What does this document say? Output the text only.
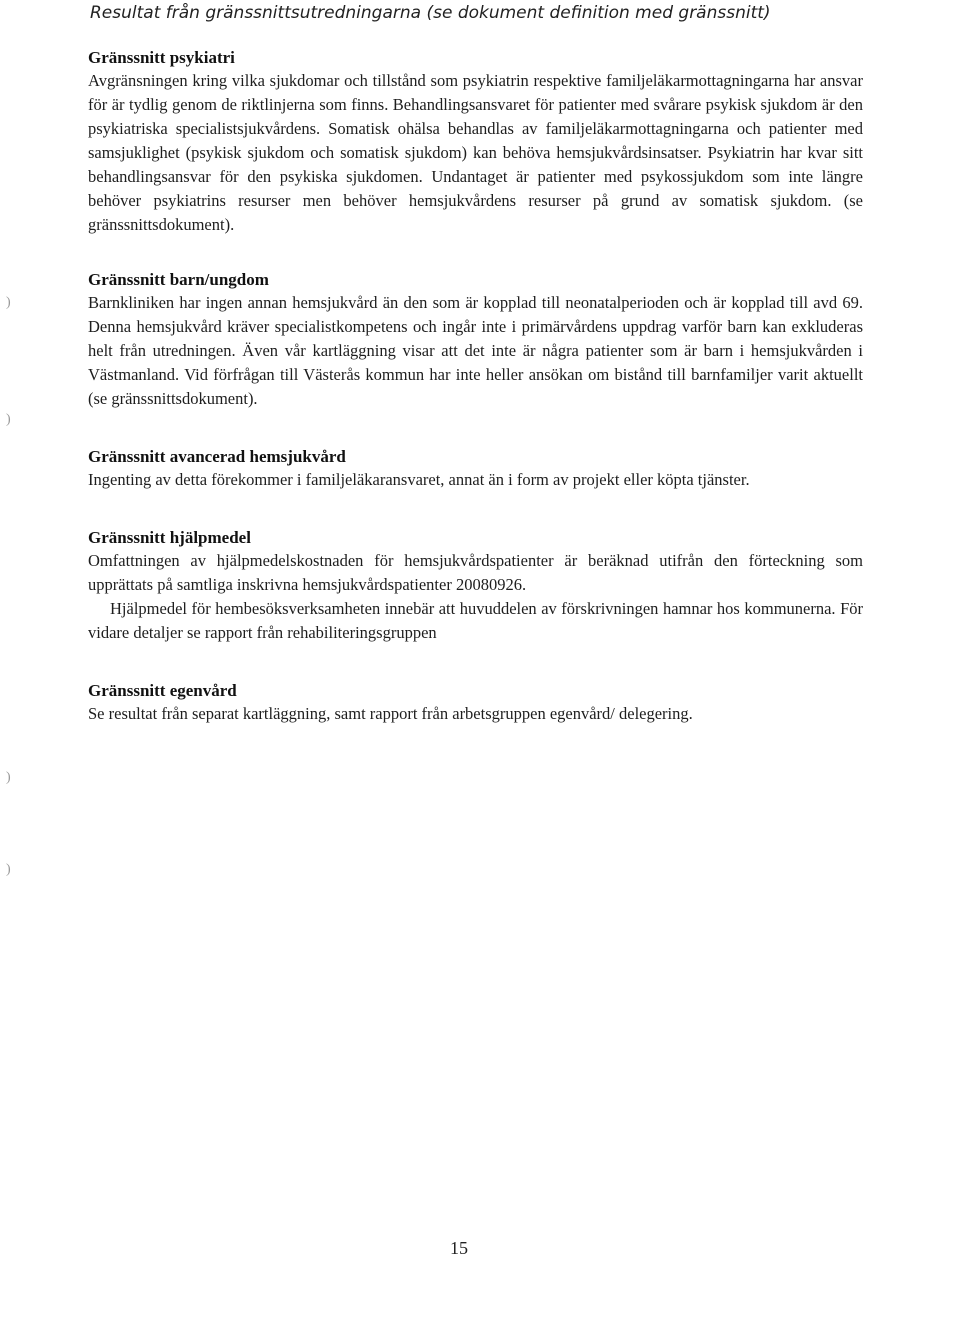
Resultat från gränssnittsutredningarna (se dokument definition med gränssnitt)
Gränssnitt psykiatri

Avgränsningen kring vilka sjukdomar och tillstånd som psykiatrin respektive familjeläkarmottagningarna har ansvar för är tydlig genom de riktlinjerna som finns. Behandlingsansvaret för patienter med svårare psykisk sjukdom är den psykiatriska specialistsjukvårdens. Somatisk ohälsa behandlas av familjeläkarmottagningarna och patienter med samsjuklighet (psykisk sjukdom och somatisk sjukdom) kan behöva hemsjukvårdsinsatser. Psykiatrin har kvar sitt behandlingsansvar för den psykiska sjukdomen. Undantaget är patienter med psykossjukdom som inte längre behöver psykiatrins resurser men behöver hemsjukvårdens resurser på grund av somatisk sjukdom. (se gränssnittsdokument).

Gränssnitt barn/ungdom

Barnkliniken har ingen annan hemsjukvård än den som är kopplad till neonatalperioden och är kopplad till avd 69. Denna hemsjukvård kräver specialistkompetens och ingår inte i primärvårdens uppdrag varför barn kan exkluderas helt från utredningen. Även vår kartläggning visar att det inte är några patienter som är barn i hemsjukvården i Västmanland. Vid förfrågan till Västerås kommun har inte heller ansökan om bistånd till barnfamiljer varit aktuellt (se gränssnittsdokument).

Gränssnitt avancerad hemsjukvård

Ingenting av detta förekommer i familjeläkaransvaret, annat än i form av projekt eller köpta tjänster.

Gränssnitt hjälpmedel

Omfattningen av hjälpmedelskostnaden för hemsjukvårdspatienter är beräknad utifrån den förteckning som upprättats på samtliga inskrivna hemsjukvårdspatienter 20080926.

Hjälpmedel för hembesöksverksamheten innebär att huvuddelen av förskrivningen hamnar hos kommunerna. För vidare detaljer se rapport från rehabiliteringsgruppen

Gränssnitt egenvård

Se resultat från separat kartläggning, samt rapport från arbetsgruppen egenvård/ delegering.

)
)
)
)
15
